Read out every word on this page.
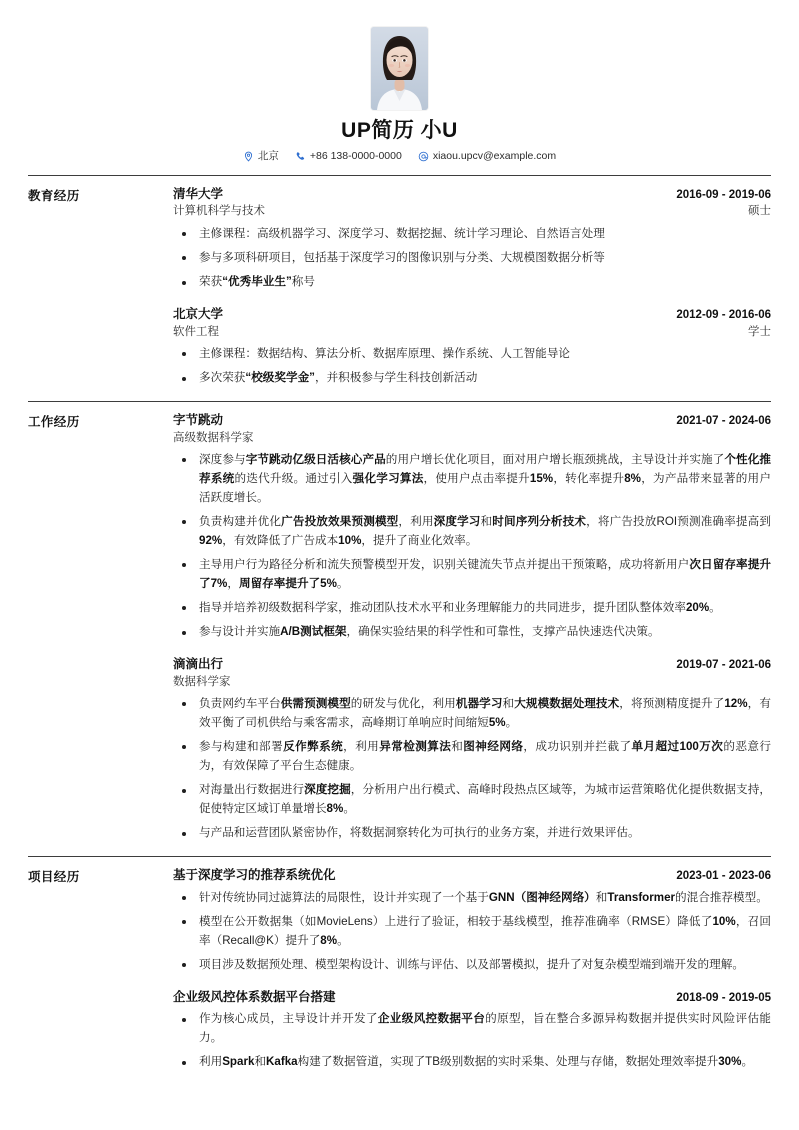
UP简历 小U
北京	+86 138-0000-0000	xiaou.upcv@example.com
教育经历	清华大学	2016-09 - 2019-06
计算机科学与技术	硕士
主修课程：高级机器学习、深度学习、数据挖掘、统计学习理论、自然语言处理
参与多项科研项目，包括基于深度学习的图像识别与分类、大规模图数据分析等
荣获“优秀毕业生”称号
北京大学	2012-09 - 2016-06
软件工程	学士
主修课程：数据结构、算法分析、数据库原理、操作系统、人工智能导论
多次荣获“校级奖学金”，并积极参与学生科技创新活动
工作经历	字节跳动	2021-07 - 2024-06
高级数据科学家
深度参与字节跳动亿级日活核心产品的用户增长优化项目，面对用户增长瓶颈挑战，主导设计并实施了个性化推荐系统的迭代升级。通过引入强化学习算法，使用户点击率提升15%，转化率提升8%，为产品带来显著的用户活跃度增长。
负责构建并优化广告投放效果预测模型，利用深度学习和时间序列分析技术，将广告投放ROI预测准确率提高到92%，有效降低了广告成本10%，提升了商业化效率。
主导用户行为路径分析和流失预警模型开发，识别关键流失节点并提出干预策略，成功将新用户次日留存率提升了7%，周留存率提升了5%。
指导并培养初级数据科学家，推动团队技术水平和业务理解能力的共同进步，提升团队整体效率20%。
参与设计并实施A/B测试框架，确保实验结果的科学性和可靠性，支撑产品快速迭代决策。
滴滴出行	2019-07 - 2021-06
数据科学家
负责网约车平台供需预测模型的研发与优化，利用机器学习和大规模数据处理技术，将预测精度提升了12%，有效平衡了司机供给与乘客需求，高峰期订单响应时间缩短5%。
参与构建和部署反作弊系统，利用异常检测算法和图神经网络，成功识别并拦截了单月超过100万次的恶意行为，有效保障了平台生态健康。
对海量出行数据进行深度挖掘，分析用户出行模式、高峰时段热点区域等，为城市运营策略优化提供数据支持，促使特定区域订单量增长8%。
与产品和运营团队紧密协作，将数据洞察转化为可执行的业务方案，并进行效果评估。
项目经历	基于深度学习的推荐系统优化	2023-01 - 2023-06
针对传统协同过滤算法的局限性，设计并实现了一个基于GNN（图神经网络）和Transformer的混合推荐模型。
模型在公开数据集（如MovieLens）上进行了验证，相较于基线模型，推荐准确率（RMSE）降低了10%，召回率（Recall@K）提升了8%。
项目涉及数据预处理、模型架构设计、训练与评估、以及部署模拟，提升了对复杂模型端到端开发的理解。
企业级风控体系数据平台搭建	2018-09 - 2019-05
作为核心成员，主导设计并开发了企业级风控数据平台的原型，旨在整合多源异构数据并提供实时风险评估能力。
利用Spark和Kafka构建了数据管道，实现了TB级别数据的实时采集、处理与存储，数据处理效率提升30%。
